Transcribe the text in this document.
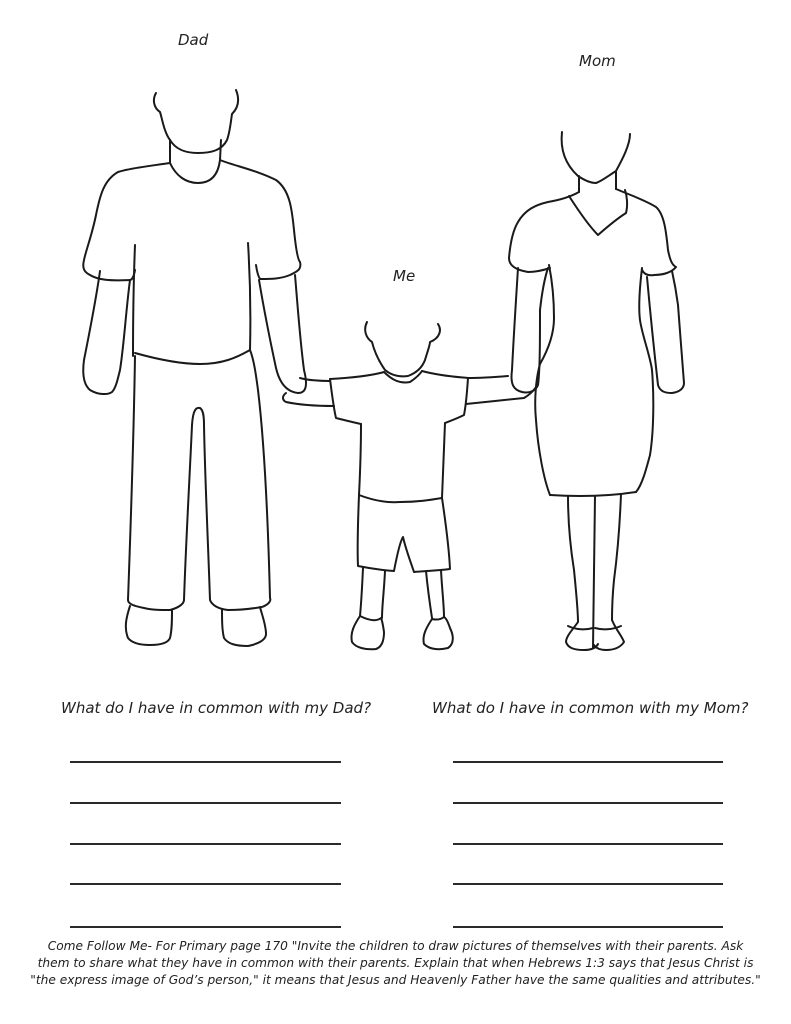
Dad
Mom
Me
What do I have in common with my Dad?	What do I have in common with my Mom?
Come Follow Me- For Primary page 170 "Invite the children to draw pictures of themselves with their parents. Ask
them to share what they have in common with their parents. Explain that when Hebrews 1:3 says that Jesus Christ is
"the express image of God’s person," it means that Jesus and Heavenly Father have the same qualities and attributes."
